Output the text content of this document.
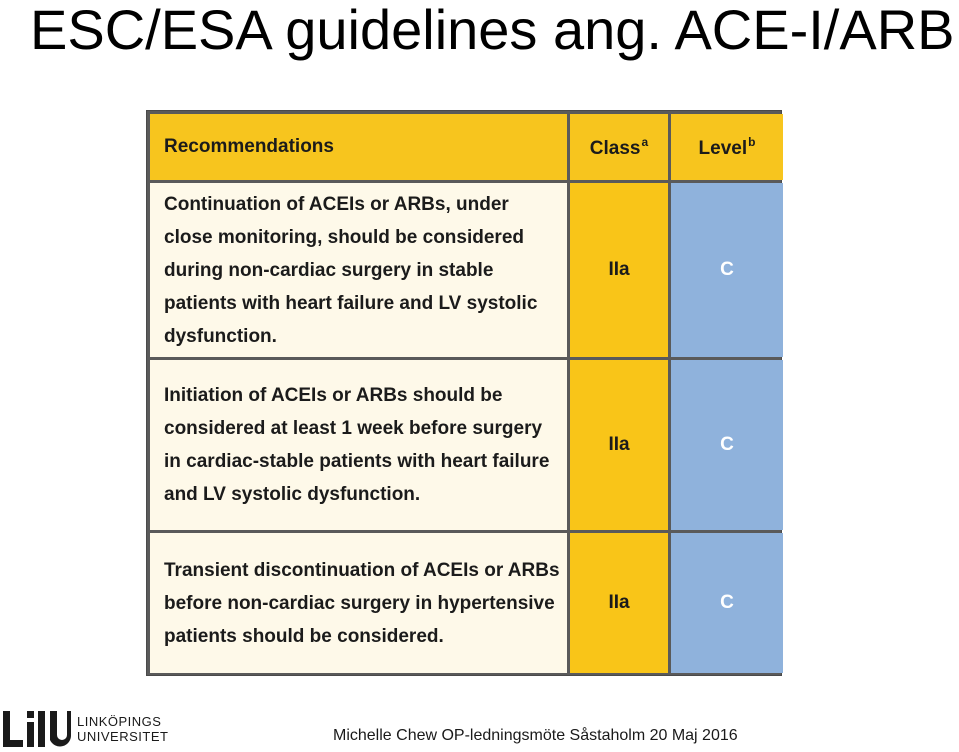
ESC/ESA guidelines ang. ACE-I/ARB
Recommendations	Class$^a$	Level$^b$
Continuation of ACEIs or ARBs, under close monitoring, should be considered during non-cardiac surgery in stable patients with heart failure and LV systolic dysfunction.	IIa	C
Initiation of ACEIs or ARBs should be considered at least 1 week before surgery in cardiac-stable patients with heart failure and LV systolic dysfunction.	IIa	C
Transient discontinuation of ACEIs or ARBs before non-cardiac surgery in hypertensive patients should be considered.	IIa	C
LINKÖPINGS
UNIVERSITET	Michelle Chew OP-ledningsmöte Såstaholm 20 Maj 2016
